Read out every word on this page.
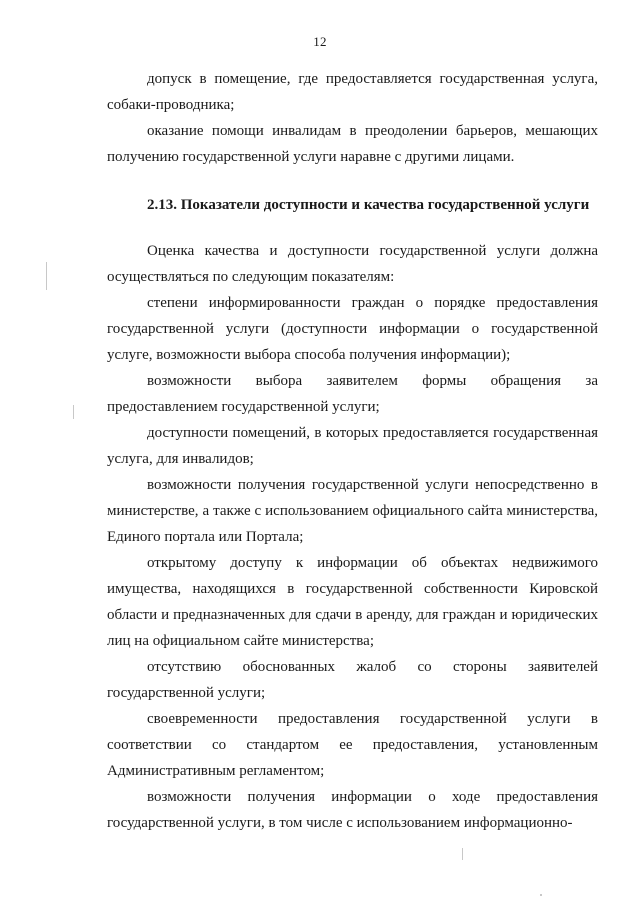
12

допуск в помещение, где предоставляется государственная услуга, собаки-проводника;

оказание помощи инвалидам в преодолении барьеров, мешающих получению государственной услуги наравне с другими лицами.

2.13. Показатели доступности и качества государственной услуги

Оценка качества и доступности государственной услуги должна осуществляться по следующим показателям:

степени информированности граждан о порядке предоставления государственной услуги (доступности информации о государственной услуге, возможности выбора способа получения информации);

возможности выбора заявителем формы обращения за предоставлением государственной услуги;

доступности помещений, в которых предоставляется государственная услуга, для инвалидов;

возможности получения государственной услуги непосредственно в министерстве, а также с использованием официального сайта министерства, Единого портала или Портала;

открытому доступу к информации об объектах недвижимого имущества, находящихся в государственной собственности Кировской области и предназначенных для сдачи в аренду, для граждан и юридических лиц на официальном сайте министерства;

отсутствию обоснованных жалоб со стороны заявителей государственной услуги;

своевременности предоставления государственной услуги в соответствии со стандартом ее предоставления, установленным Административным регламентом;

возможности получения информации о ходе предоставления государственной услуги, в том числе с использованием информационно-
